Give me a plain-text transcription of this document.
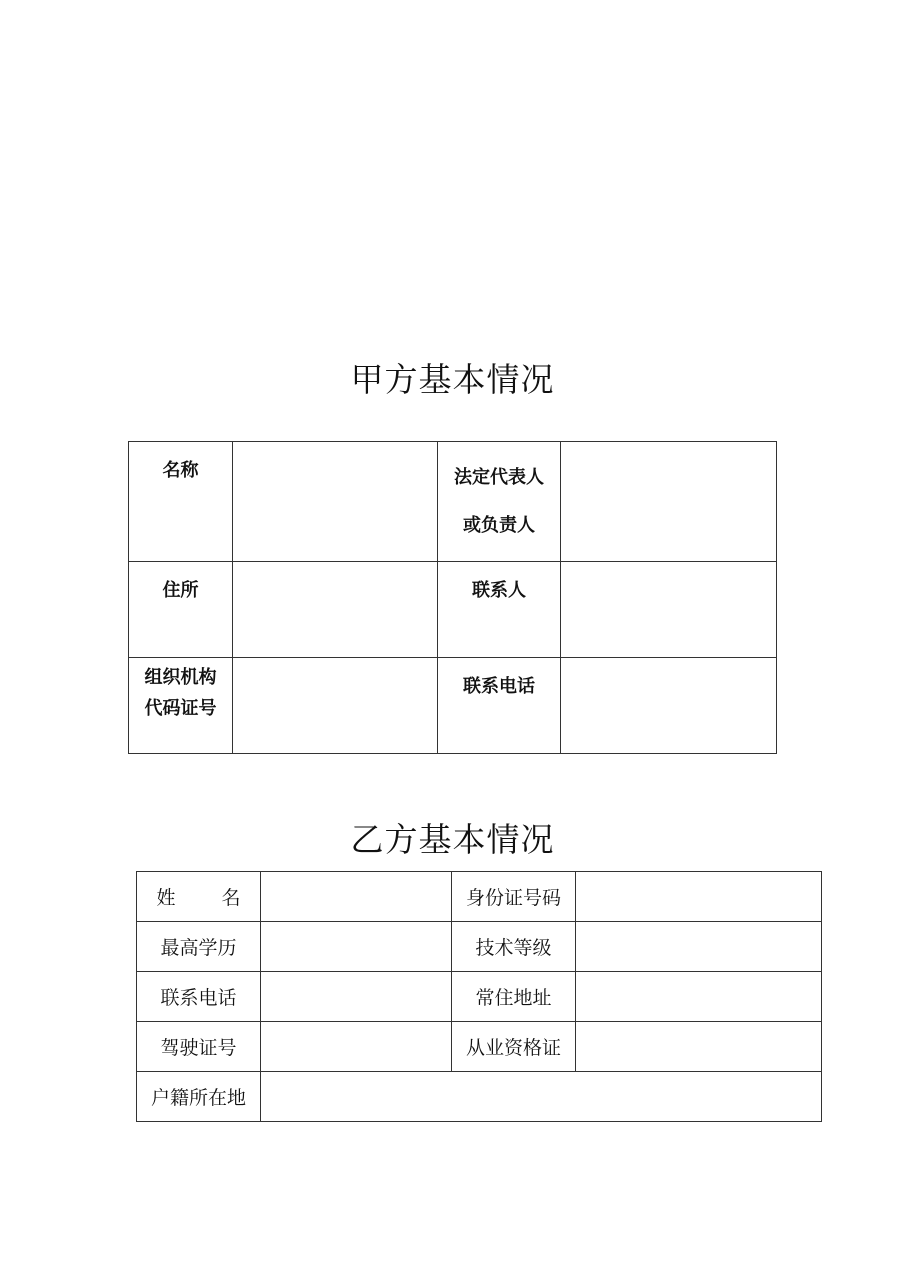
甲方基本情况
名称		法定代表人
或负责人	

住所		联系人	

组织机构
代码证号		联系电话	

乙方基本情况
姓 名		身份证号码	
最高学历		技术等级	
联系电话		常住地址	
驾驶证号		从业资格证	
户籍所在地			
